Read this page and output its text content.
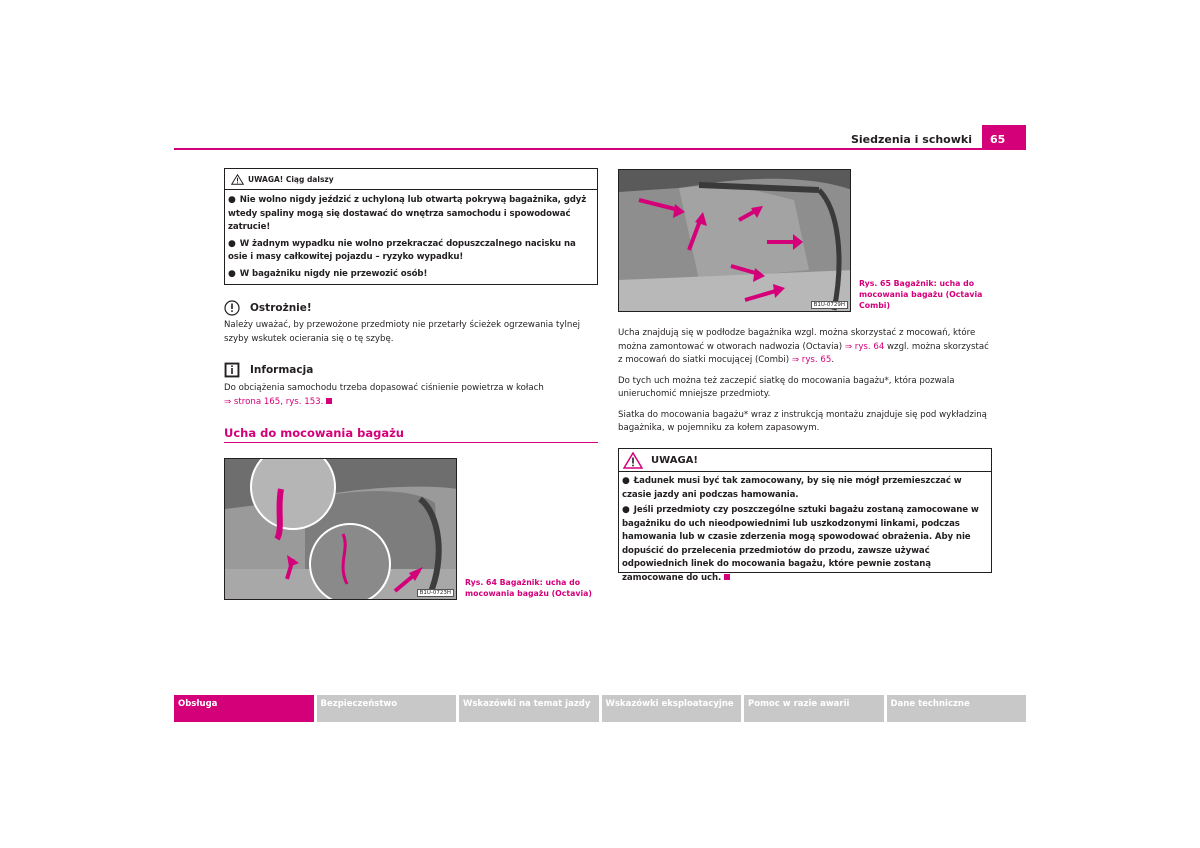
Siedzenia i schowki	65
UWAGA! Ciąg dalszy

● Nie wolno nigdy jeździć z uchyloną lub otwartą pokrywą bagażnika, gdyż wtedy spaliny mogą się dostawać do wnętrza samochodu i spowodować zatrucie!

● W żadnym wypadku nie wolno przekraczać dopuszczalnego nacisku na osie i masy całkowitej pojazdu – ryzyko wypadku!

● W bagażniku nigdy nie przewozić osób!

Ostrożnie!
Należy uważać, by przewożone przedmioty nie przetarły ścieżek ogrzewania tylnej szyby wskutek ocierania się o tę szybę.
Informacja
Do obciążenia samochodu trzeba dopasować ciśnienie powietrza w kołach
⇒ strona 165, rys. 153.
Ucha do mocowania bagażu
B1U-0723H
Rys. 64 Bagażnik: ucha do
mocowania bagażu (Octavia)
B1U-0729H
Rys. 65 Bagażnik: ucha do
mocowania bagażu (Octavia
Combi)

Ucha znajdują się w podłodze bagażnika wzgl. można skorzystać z mocowań, które można zamontować w otworach nadwozia (Octavia) ⇒ rys. 64 wzgl. można skorzystać z mocowań do siatki mocującej (Combi) ⇒ rys. 65.

Do tych uch można też zaczepić siatkę do mocowania bagażu*, która pozwala unieruchomić mniejsze przedmioty.

Siatka do mocowania bagażu* wraz z instrukcją montażu znajduje się pod wykładziną bagażnika, w pojemniku za kołem zapasowym.

UWAGA!

● Ładunek musi być tak zamocowany, by się nie mógł przemieszczać w czasie jazdy ani podczas hamowania.

● Jeśli przedmioty czy poszczególne sztuki bagażu zostaną zamocowane w bagażniku do uch nieodpowiednimi lub uszkodzonymi linkami, podczas hamowania lub w czasie zderzenia mogą spowodować obrażenia. Aby nie dopuścić do przelecenia przedmiotów do przodu, zawsze używać odpowiednich linek do mocowania bagażu, które pewnie zostaną zamocowane do uch.

Obsługa	Bezpieczeństwo	Wskazówki na temat jazdy	Wskazówki eksploatacyjne	Pomoc w razie awarii	Dane techniczne
